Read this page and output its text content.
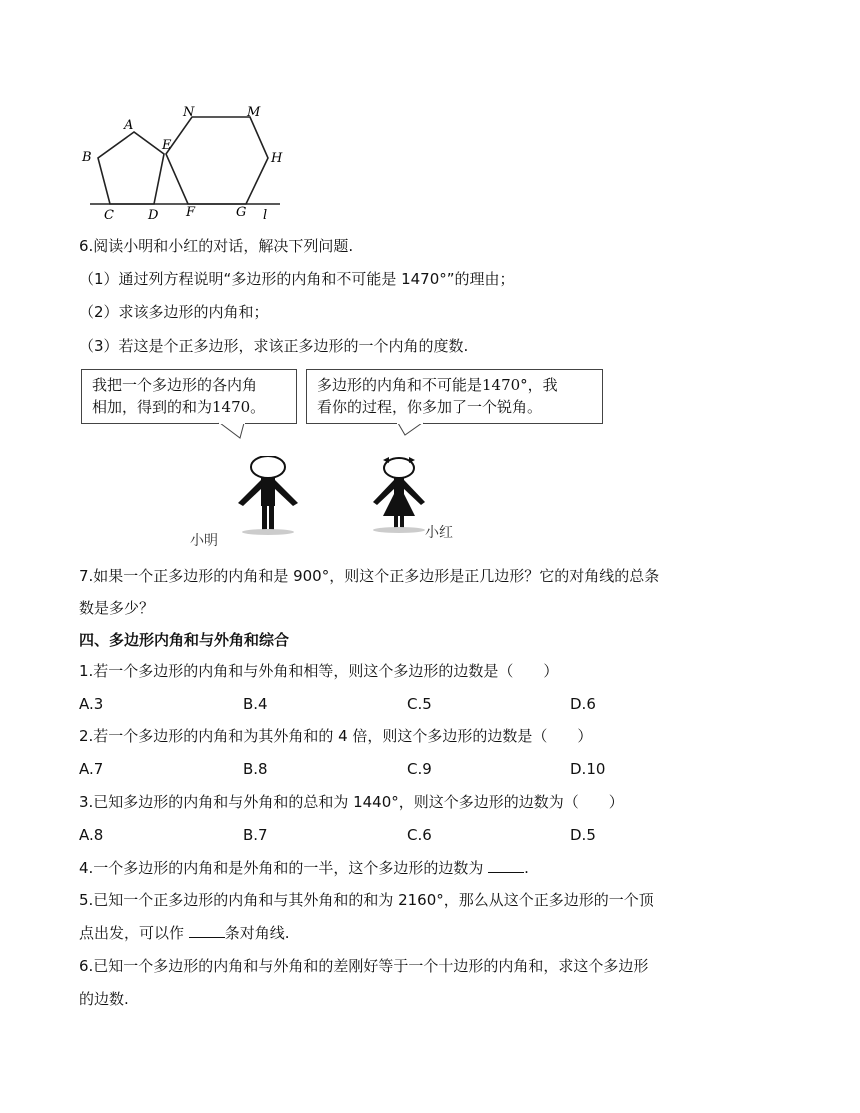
A
B
C	D
E
F	G
H
M
N
l
6.阅读小明和小红的对话，解决下列问题.
（1）通过列方程说明“多边形的内角和不可能是 1470°”的理由；
（2）求该多边形的内角和；
（3）若这是个正多边形，求该正多边形的一个内角的度数.
我把一个多边形的各内角
相加，得到的和为1470。
多边形的内角和不可能是1470°，我
看你的过程，你多加了一个锐角。
小明	小红
7.如果一个正多边形的内角和是 900°，则这个正多边形是正几边形？它的对角线的总条
数是多少？
四、多边形内角和与外角和综合
1.若一个多边形的内角和与外角和相等，则这个多边形的边数是（　　）
A.3	B.4	C.5	D.6
2.若一个多边形的内角和为其外角和的 4 倍，则这个多边形的边数是（　　）
A.7	B.8	C.9	D.10
3.已知多边形的内角和与外角和的总和为 1440°，则这个多边形的边数为（　　）
A.8	B.7	C.6	D.5
4.一个多边形的内角和是外角和的一半，这个多边形的边数为	.
5.已知一个正多边形的内角和与其外角和的和为 2160°，那么从这个正多边形的一个顶
点出发，可以作	条对角线.
6.已知一个多边形的内角和与外角和的差刚好等于一个十边形的内角和，求这个多边形
的边数.
